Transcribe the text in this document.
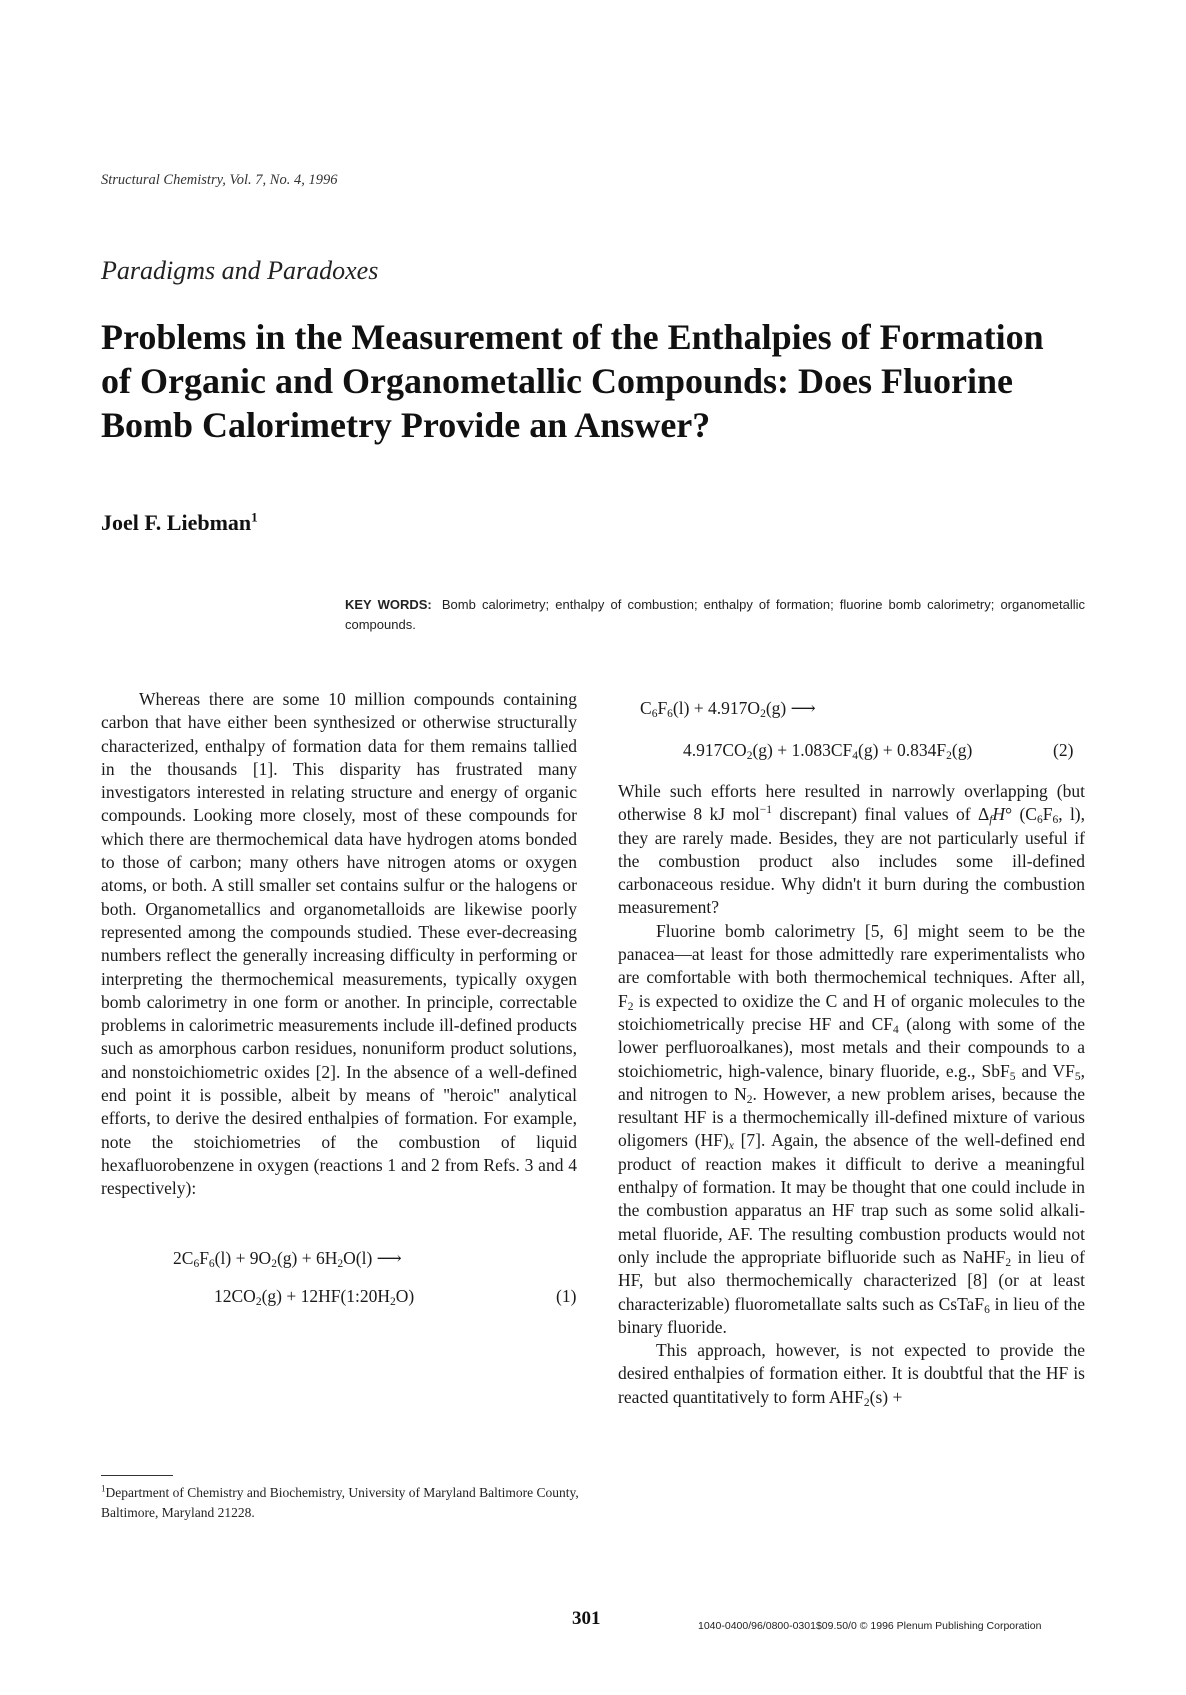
Structural Chemistry, Vol. 7, No. 4, 1996
Paradigms and Paradoxes
Problems in the Measurement of the Enthalpies of Formation
of Organic and Organometallic Compounds: Does Fluorine
Bomb Calorimetry Provide an Answer?
Joel F. Liebman$^1$
KEY WORDS: Bomb calorimetry; enthalpy of combustion; enthalpy of formation; fluorine bomb calorimetry; organometallic compounds.

Whereas there are some 10 million compounds containing carbon that have either been synthesized or otherwise structurally characterized, enthalpy of formation data for them remains tallied in the thousands [1]. This disparity has frustrated many investigators interested in relating structure and energy of organic compounds. Looking more closely, most of these compounds for which there are thermochemical data have hydrogen atoms bonded to those of carbon; many others have nitrogen atoms or oxygen atoms, or both. A still smaller set contains sulfur or the halogens or both. Organometallics and organometalloids are likewise poorly represented among the compounds studied. These ever-decreasing numbers reflect the generally increasing difficulty in performing or interpreting the thermochemical measurements, typically oxygen bomb calorimetry in one form or another. In principle, correctable problems in calorimetric measurements include ill-defined products such as amorphous carbon residues, nonuniform product solutions, and nonstoichiometric oxides [2]. In the absence of a well-defined end point it is possible, albeit by means of ''heroic'' analytical efforts, to derive the desired enthalpies of formation. For example, note the stoichiometries of the combustion of liquid hexafluorobenzene in oxygen (reactions 1 and 2 from Refs. 3 and 4 respectively):

$2C_6F_6(l) + 9O_2(g) + 6H_2O(l)$ ⟶
$12CO_2(g)$ + $12HF(1:20H_2O)$	(1)
$C_6F_6(l) + 4.917O_2(g)$ ⟶
$4.917CO_2(g) + 1.083CF_4(g) + 0.834F_2(g)$	(2)

While such efforts here resulted in narrowly overlapping (but otherwise 8 kJ mol$^{-1}$ discrepant) final values of $\Delta_fH^\circ$ ($C_6F_6$, l), they are rarely made. Besides, they are not particularly useful if the combustion product also includes some ill-defined carbonaceous residue. Why didn't it burn during the combustion measurement?

Fluorine bomb calorimetry [5, 6] might seem to be the panacea—at least for those admittedly rare experimentalists who are comfortable with both thermochemical techniques. After all, $F_2$ is expected to oxidize the C and H of organic molecules to the stoichiometrically precise HF and $CF_4$ (along with some of the lower perfluoroalkanes), most metals and their compounds to a stoichiometric, high-valence, binary fluoride, e.g., SbF$_5$ and $VF_5$, and nitrogen to $N_2$. However, a new problem arises, because the resultant HF is a thermochemically ill-defined mixture of various oligomers $(HF)_x$ [7]. Again, the absence of the well-defined end product of reaction makes it difficult to derive a meaningful enthalpy of formation. It may be thought that one could include in the combustion apparatus an HF trap such as some solid alkali-metal fluoride, AF. The resulting combustion products would not only include the appropriate bifluoride such as NaHF$_2$ in lieu of HF, but also thermochemically characterized [8] (or at least characterizable) fluorometallate salts such as CsTaF$_6$ in lieu of the binary fluoride.

This approach, however, is not expected to provide the desired enthalpies of formation either. It is doubtful that the HF is reacted quantitatively to form $AHF_2(s)$ +

$^1$Department of Chemistry and Biochemistry, University of Maryland Baltimore County, Baltimore, Maryland 21228.
301	1040-0400/96/0800-0301$09.50/0 © 1996 Plenum Publishing Corporation
